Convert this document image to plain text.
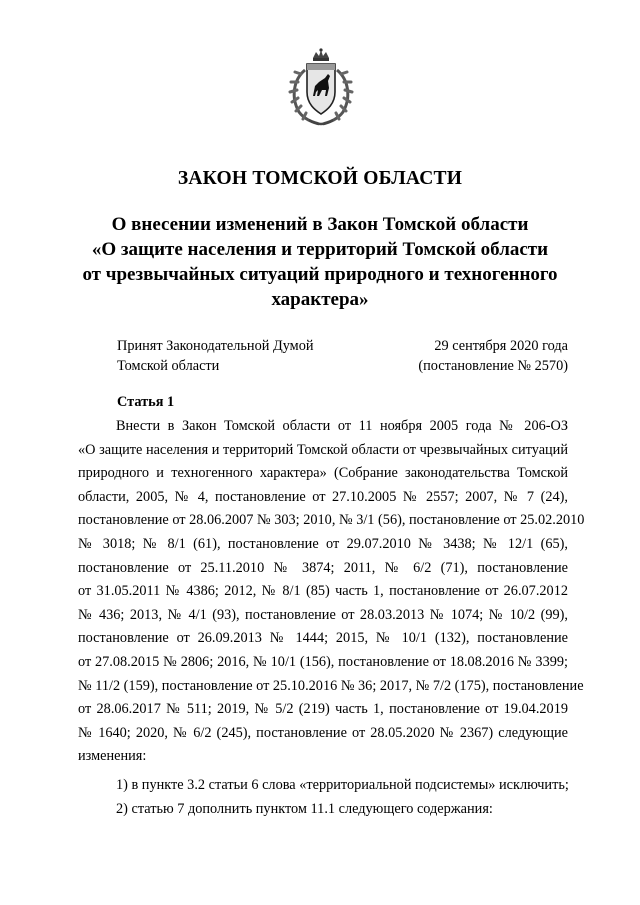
ЗАКОН ТОМСКОЙ ОБЛАСТИ
О внесении изменений в Закон Томской области
«О защите населения и территорий Томской области
от чрезвычайных ситуаций природного и техногенного
характера»
Принят Законодательной Думой
Томской области
29 сентября 2020 года
(постановление № 2570)
Статья 1
Внести в Закон Томской области от 11 ноября 2005 года № 206-ОЗ
«О защите населения и территорий Томской области от чрезвычайных ситуаций
природного и техногенного характера» (Собрание законодательства Томской
области, 2005, № 4, постановление от 27.10.2005 № 2557; 2007, № 7 (24),
постановление от 28.06.2007 № 303; 2010, № 3/1 (56), постановление от 25.02.2010
№ 3018; № 8/1 (61), постановление от 29.07.2010 № 3438; № 12/1 (65),
постановление от 25.11.2010 № 3874; 2011, № 6/2 (71), постановление
от 31.05.2011 № 4386; 2012, № 8/1 (85) часть 1, постановление от 26.07.2012
№ 436; 2013, № 4/1 (93), постановление от 28.03.2013 № 1074; № 10/2 (99),
постановление от 26.09.2013 № 1444; 2015, № 10/1 (132), постановление
от 27.08.2015 № 2806; 2016, № 10/1 (156), постановление от 18.08.2016 № 3399;
№ 11/2 (159), постановление от 25.10.2016 № 36; 2017, № 7/2 (175), постановление
от 28.06.2017 № 511; 2019, № 5/2 (219) часть 1, постановление от 19.04.2019
№ 1640; 2020, № 6/2 (245), постановление от 28.05.2020 № 2367) следующие
изменения:
1) в пункте 3.2 статьи 6 слова «территориальной подсистемы» исключить;
2) статью 7 дополнить пунктом 11.1 следующего содержания:
